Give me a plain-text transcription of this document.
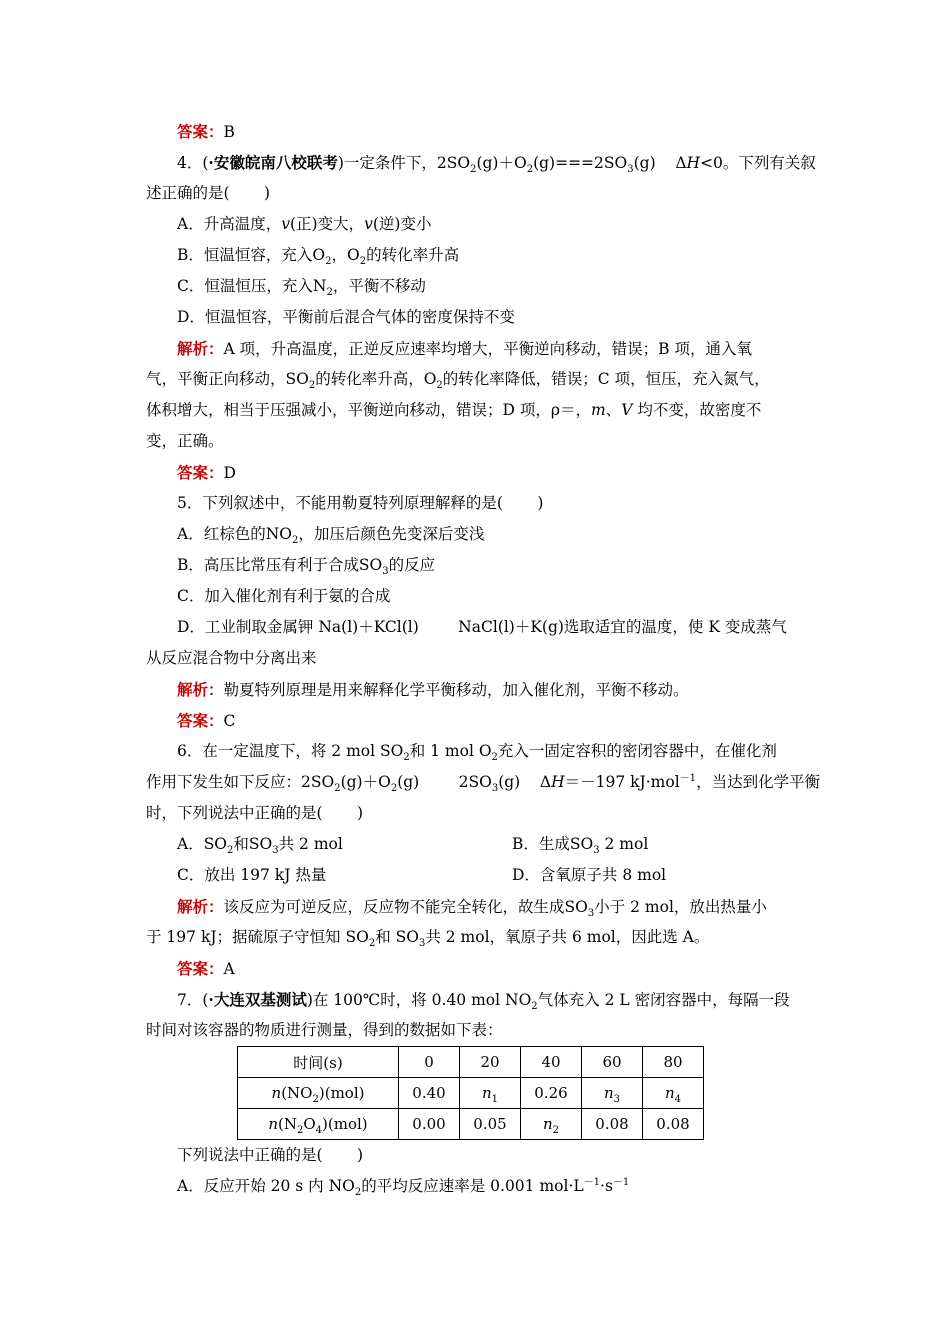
答案：B
4．(·安徽皖南八校联考)一定条件下，$2SO_2(g)+O_2(g)===2SO_3(g)$    ΔH<0。下列有关叙
述正确的是(       )
A．升高温度，v(正)变大，v(逆)变小
B．恒温恒容，充入$O_2$，$O_2$的转化率升高
C．恒温恒压，充入$N_2$，平衡不移动
D．恒温恒容，平衡前后混合气体的密度保持不变
解析：A 项，升高温度，正逆反应速率均增大，平衡逆向移动，错误；B 项，通入氧
气，平衡正向移动，$SO_2$的转化率升高，$O_2$的转化率降低，错误；C 项，恒压，充入氮气，
体积增大，相当于压强减小，平衡逆向移动，错误；D 项，ρ＝，m、V 均不变，故密度不
变，正确。
答案：D
5．下列叙述中，不能用勒夏特列原理解释的是(       )
A．红棕色的$NO_2$，加压后颜色先变深后变浅
B．高压比常压有利于合成$SO_3$的反应
C．加入催化剂有利于氨的合成
D．工业制取金属钾 Na(l)＋KCl(l)        NaCl(l)＋K(g)选取适宜的温度，使 K 变成蒸气
从反应混合物中分离出来
解析：勒夏特列原理是用来解释化学平衡移动，加入催化剂，平衡不移动。
答案：C
6．在一定温度下，将 2 mol $SO_2$和 1 mol $O_2$充入一固定容积的密闭容器中，在催化剂
作用下发生如下反应：$2SO_2(g)+O_2(g)$        $2SO_3(g)$    ΔH＝－197 kJ·mol$^{-1}$，当达到化学平衡
时，下列说法中正确的是(       )
A．$SO_2$和$SO_3$共 2 mol	B．生成$SO_3$ 2 mol
C．放出 197 kJ 热量	D．含氧原子共 8 mol
解析：该反应为可逆反应，反应物不能完全转化，故生成$SO_3$小于 2 mol，放出热量小
于 197 kJ；据硫原子守恒知 $SO_2$和 $SO_3$共 2 mol，氧原子共 6 mol，因此选 A。
答案：A
7．(·大连双基测试)在 100℃时，将 0.40 mol $NO_2$气体充入 2 L 密闭容器中，每隔一段
时间对该容器的物质进行测量，得到的数据如下表：
时间(s)	0	20	40	60	80
$n(NO_2)(mol)$	0.40	$n_1$	0.26	$n_3$	$n_4$
$n(N_2O_4)(mol)$	0.00	0.05	$n_2$	0.08	0.08
下列说法中正确的是(       )
A．反应开始 20 s 内 $NO_2$的平均反应速率是 0.001 $mol\cdot L^{-1}\cdot s^{-1}$
